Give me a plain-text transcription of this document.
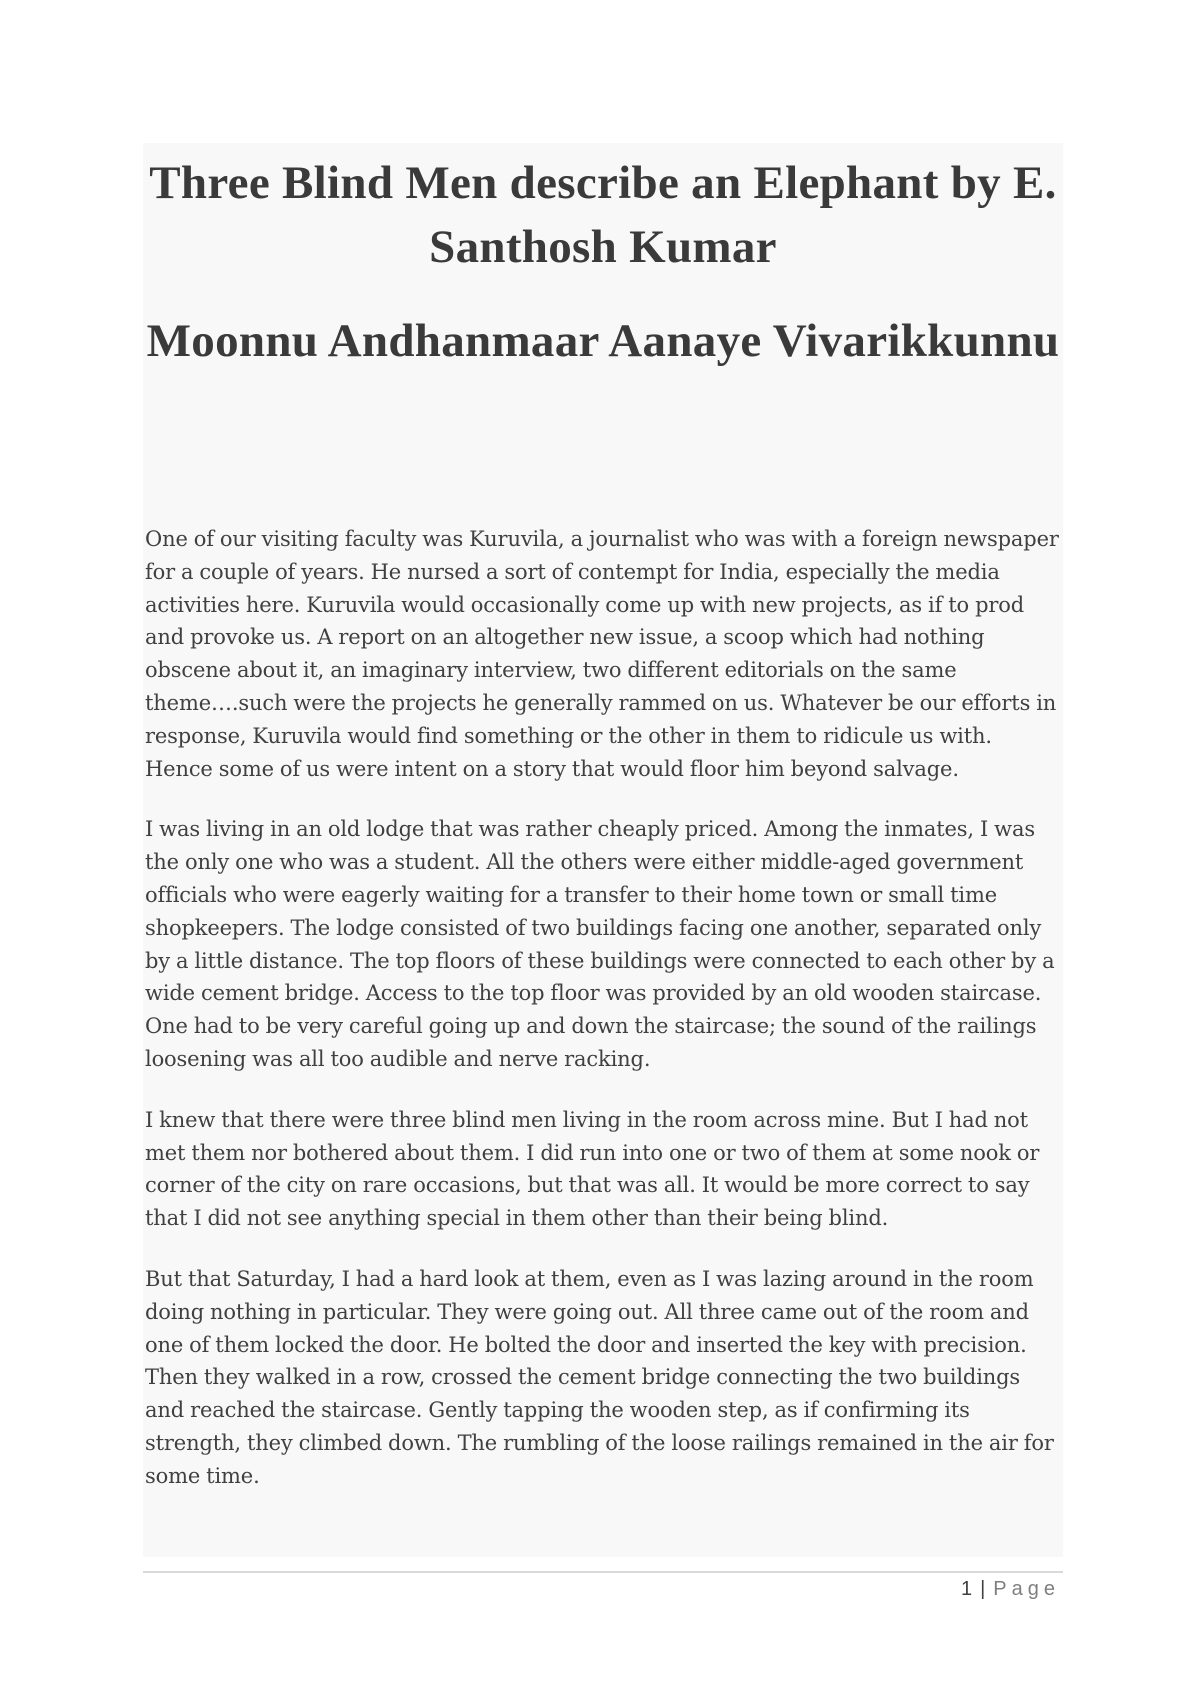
Three Blind Men describe an Elephant by E. Santhosh Kumar
Moonnu Andhanmaar Aanaye Vivarikkunnu

One of our visiting faculty was Kuruvila, a journalist who was with a foreign newspaper for a couple of years. He nursed a sort of contempt for India, especially the media activities here. Kuruvila would occasionally come up with new projects, as if to prod and provoke us. A report on an altogether new issue, a scoop which had nothing obscene about it, an imaginary interview, two different editorials on the same theme….such were the projects he generally rammed on us. Whatever be our efforts in response, Kuruvila would find something or the other in them to ridicule us with. Hence some of us were intent on a story that would floor him beyond salvage.

I was living in an old lodge that was rather cheaply priced. Among the inmates, I was the only one who was a student. All the others were either middle-aged government officials who were eagerly waiting for a transfer to their home town or small time shopkeepers. The lodge consisted of two buildings facing one another, separated only by a little distance. The top floors of these buildings were connected to each other by a wide cement bridge. Access to the top floor was provided by an old wooden staircase. One had to be very careful going up and down the staircase; the sound of the railings loosening was all too audible and nerve racking.

I knew that there were three blind men living in the room across mine. But I had not met them nor bothered about them. I did run into one or two of them at some nook or corner of the city on rare occasions, but that was all. It would be more correct to say that I did not see anything special in them other than their being blind.

But that Saturday, I had a hard look at them, even as I was lazing around in the room doing nothing in particular. They were going out. All three came out of the room and one of them locked the door. He bolted the door and inserted the key with precision. Then they walked in a row, crossed the cement bridge connecting the two buildings and reached the staircase. Gently tapping the wooden step, as if confirming its strength, they climbed down. The rumbling of the loose railings remained in the air for some time.

1 | Page
